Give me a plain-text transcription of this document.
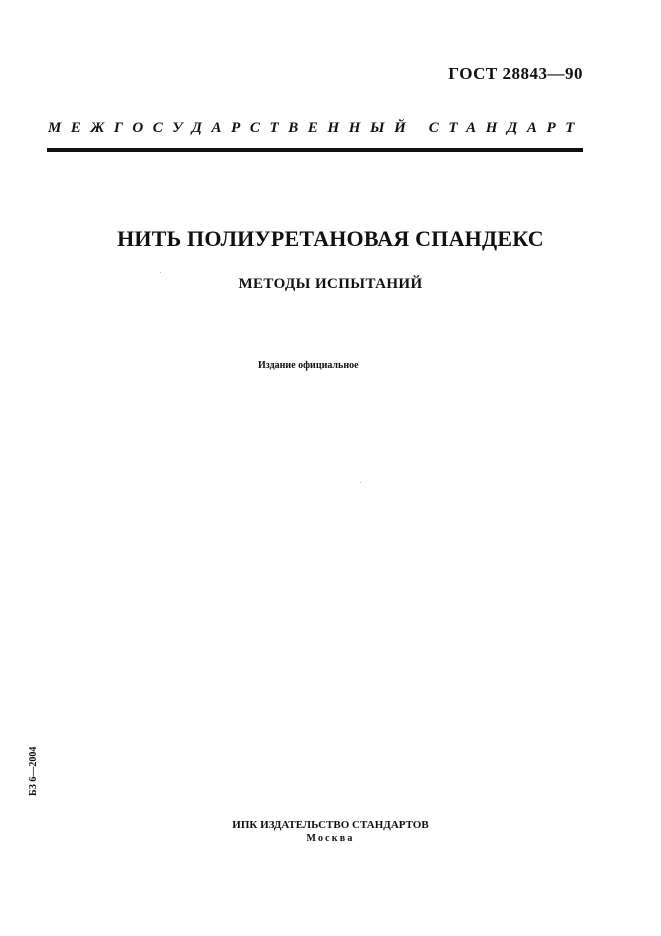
ГОСТ 28843—90
МЕЖГОСУДАРСТВЕННЫЙ СТАНДАРТ
НИТЬ ПОЛИУРЕТАНОВАЯ СПАНДЕКС
МЕТОДЫ ИСПЫТАНИЙ
Издание официальное
БЗ 6—2004
ИПК ИЗДАТЕЛЬСТВО СТАНДАРТОВ
Москва
